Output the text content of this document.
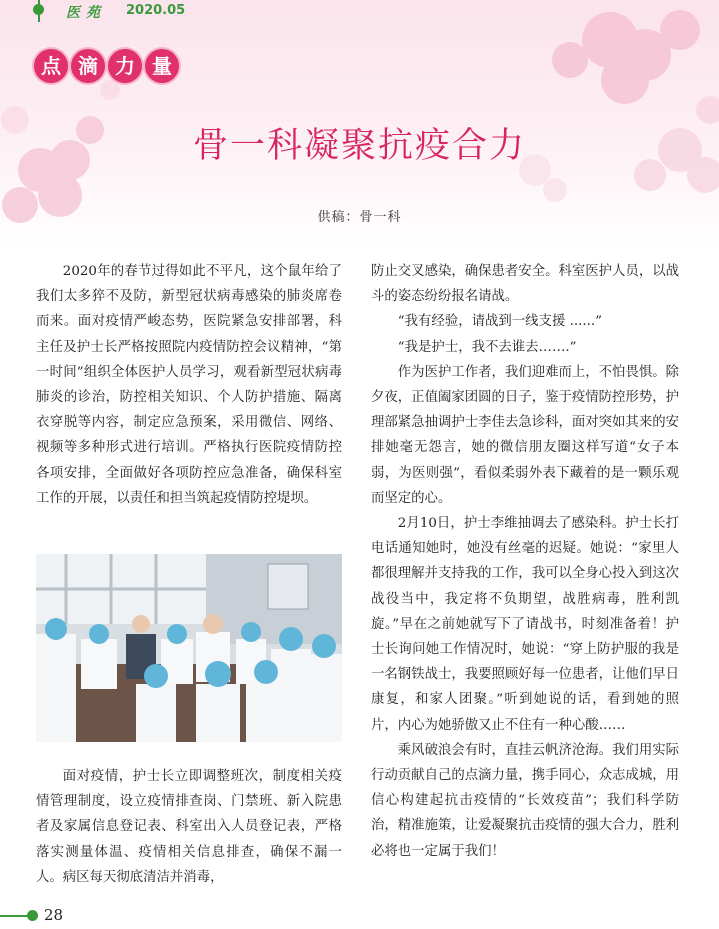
医苑 2020.05
点 滴 力 量
骨一科凝聚抗疫合力
供稿：骨一科

2020年的春节过得如此不平凡，这个鼠年给了我们太多猝不及防，新型冠状病毒感染的肺炎席卷而来。面对疫情严峻态势，医院紧急安排部署，科主任及护士长严格按照院内疫情防控会议精神，“第一时间”组织全体医护人员学习，观看新型冠状病毒肺炎的诊治，防控相关知识、个人防护措施、隔离衣穿脱等内容，制定应急预案，采用微信、网络、视频等多种形式进行培训。严格执行医院疫情防控各项安排，全面做好各项防控应急准备，确保科室工作的开展，以责任和担当筑起疫情防控堤坝。

面对疫情，护士长立即调整班次，制度相关疫情管理制度，设立疫情排查岗、门禁班、新入院患者及家属信息登记表、科室出入人员登记表，严格落实测量体温、疫情相关信息排查，确保不漏一人。病区每天彻底清洁并消毒，

防止交叉感染，确保患者安全。科室医护人员，以战斗的姿态纷纷报名请战。

“我有经验，请战到一线支援 ......”

“我是护士，我不去谁去…….”

作为医护工作者，我们迎难而上，不怕畏惧。除夕夜，正值阖家团圆的日子，鉴于疫情防控形势，护理部紧急抽调护士李佳去急诊科，面对突如其来的安排她毫无怨言，她的微信朋友圈这样写道“女子本弱，为医则强”，看似柔弱外表下藏着的是一颗乐观而坚定的心。

2月10日，护士李维抽调去了感染科。护士长打电话通知她时，她没有丝毫的迟疑。她说：“家里人都很理解并支持我的工作，我可以全身心投入到这次战役当中，我定将不负期望，战胜病毒，胜利凯旋。”早在之前她就写下了请战书，时刻准备着！护士长询问她工作情况时，她说：“穿上防护服的我是一名钢铁战士，我要照顾好每一位患者，让他们早日康复，和家人团聚。”听到她说的话，看到她的照片，内心为她骄傲又止不住有一种心酸……

乘风破浪会有时，直挂云帆济沧海。我们用实际行动贡献自己的点滴力量，携手同心，众志成城，用信心构建起抗击疫情的“长效疫苗”；我们科学防治，精准施策，让爱凝聚抗击疫情的强大合力，胜利必将也一定属于我们！

28
